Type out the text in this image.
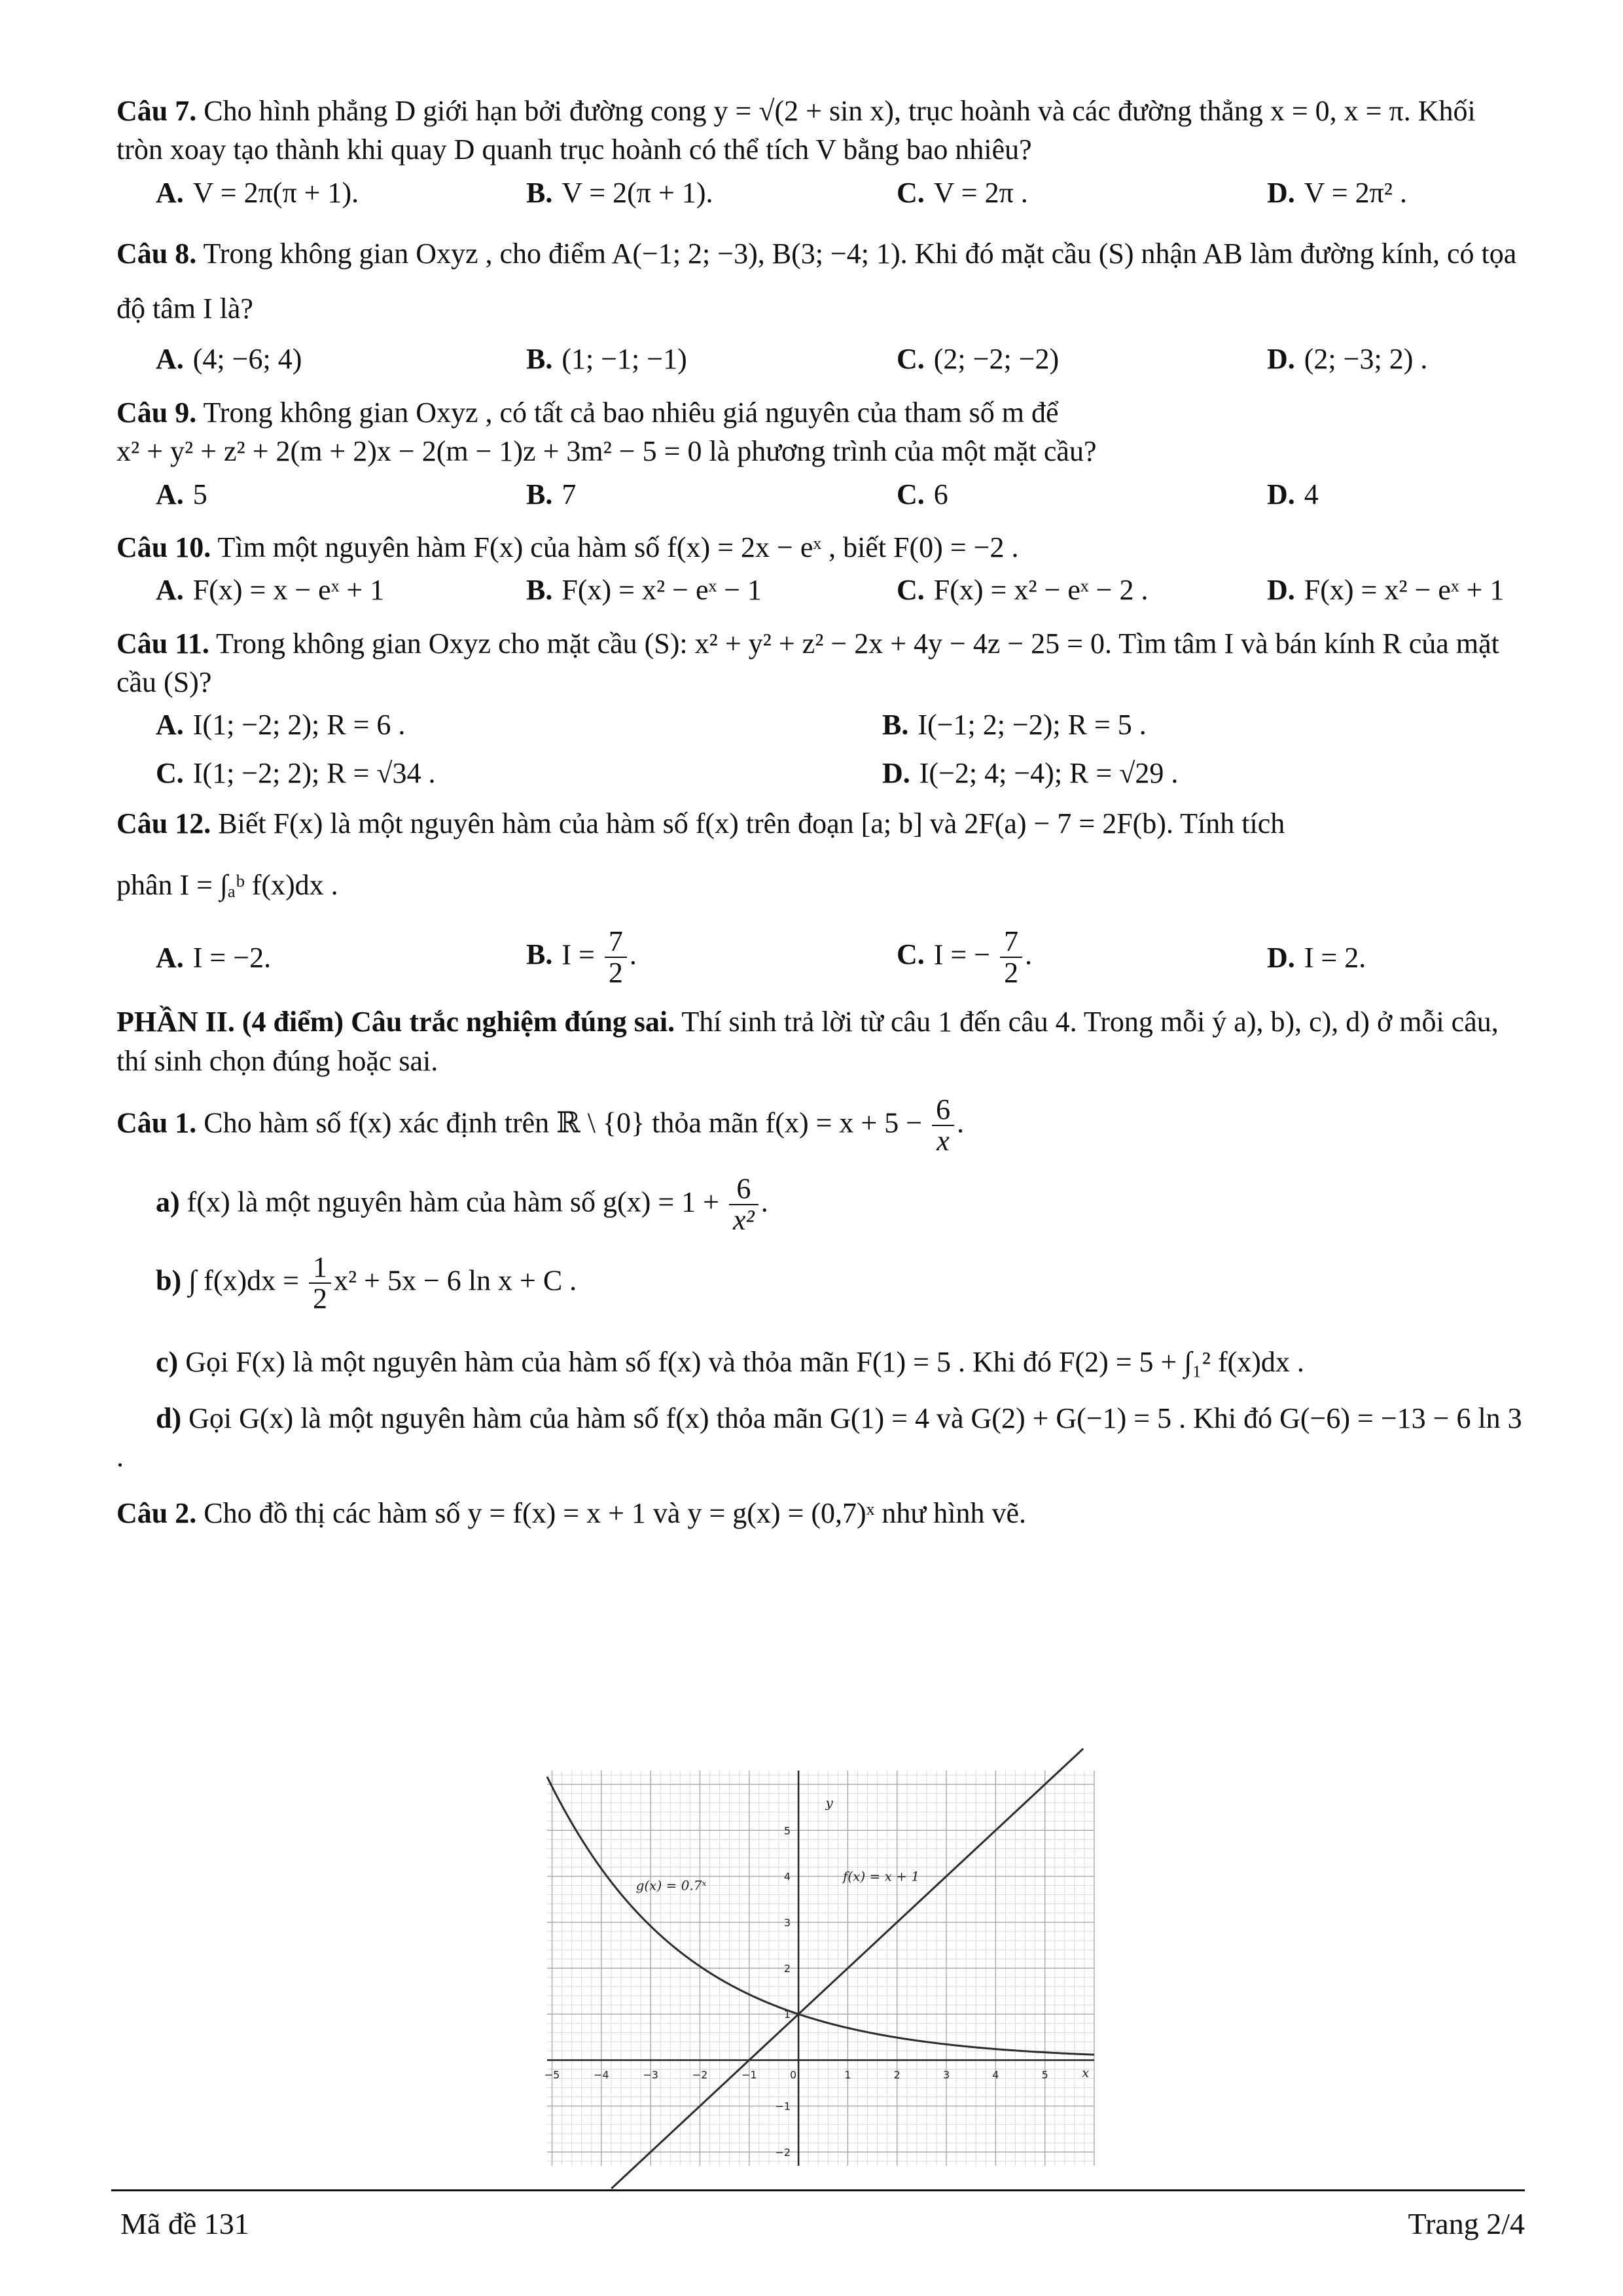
Câu 7. Cho hình phẳng D giới hạn bởi đường cong y = √(2 + sin x), trục hoành và các đường thẳng x = 0, x = π. Khối tròn xoay tạo thành khi quay D quanh trục hoành có thể tích V bằng bao nhiêu?

A. V = 2π(π + 1).	B. V = 2(π + 1).	C. V = 2π .	D. V = 2π² .

Câu 8. Trong không gian Oxyz , cho điểm A(−1; 2; −3), B(3; −4; 1). Khi đó mặt cầu (S) nhận AB làm đường kính, có tọa độ tâm I là?

A. (4; −6; 4)	B. (1; −1; −1)	C. (2; −2; −2)	D. (2; −3; 2) .

Câu 9. Trong không gian Oxyz , có tất cả bao nhiêu giá nguyên của tham số m để

x² + y² + z² + 2(m + 2)x − 2(m − 1)z + 3m² − 5 = 0 là phương trình của một mặt cầu?

A. 5	B. 7	C. 6	D. 4

Câu 10. Tìm một nguyên hàm F(x) của hàm số f(x) = 2x − eˣ , biết F(0) = −2 .

A. F(x) = x − eˣ + 1	B. F(x) = x² − eˣ − 1	C. F(x) = x² − eˣ − 2 .	D. F(x) = x² − eˣ + 1

Câu 11. Trong không gian Oxyz cho mặt cầu (S): x² + y² + z² − 2x + 4y − 4z − 25 = 0. Tìm tâm I và bán kính R của mặt cầu (S)?

A. I(1; −2; 2); R = 6 .	B. I(−1; 2; −2); R = 5 .
C. I(1; −2; 2); R = √34 .	D. I(−2; 4; −4); R = √29 .

Câu 12. Biết F(x) là một nguyên hàm của hàm số f(x) trên đoạn [a; b] và 2F(a) − 7 = 2F(b). Tính tích

phân I = ∫ₐᵇ f(x)dx .

A. I = −2.	B. $I = \frac{7}{2}$ .	C. I = − $\frac{7}{2}$ .	D. I = 2.

PHẦN II. (4 điểm) Câu trắc nghiệm đúng sai. Thí sinh trả lời từ câu 1 đến câu 4. Trong mỗi ý a), b), c), d) ở mỗi câu, thí sinh chọn đúng hoặc sai.

Câu 1. Cho hàm số f(x) xác định trên ℝ \ {0} thỏa mãn $f(x) = x + 5 - \frac{6}{x}$ .

a) f(x) là một nguyên hàm của hàm số $g(x) = 1 + \frac{6}{\text{x²}}$ .
b) ∫ $f(x)dx = \frac{1}{2} x^2 + 5x - 6$ ln x + C .
c) Gọi F(x) là một nguyên hàm của hàm số f(x) và thỏa mãn F(1) = 5 . Khi đó F(2) = 5 + ∫₁² f(x)dx .
d) Gọi G(x) là một nguyên hàm của hàm số f(x) thỏa mãn G(1) = 4 và G(2) + G(−1) = 5 . Khi đó G(−6) = −13 − 6 ln 3 .

Câu 2. Cho đồ thị các hàm số y = f(x) = x + 1 và y = g(x) = (0,7)ˣ như hình vẽ.

−5	−4	−3	−2	−1	0	1	2	3	4	5
−2
−1
1
2
3
4
5
x
y
f(x) = x + 1
g(x) = 0.7ˣ
Mã đề 131	Trang 2/4
